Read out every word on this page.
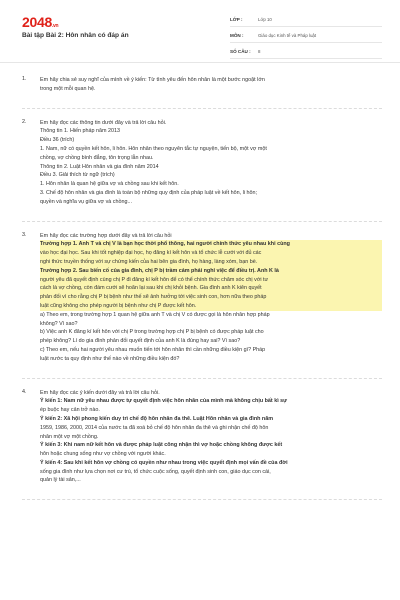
2048.vn
Bài tập Bài 2: Hôn nhân có đáp án
LỚP :	Lớp 10
MÔN :	Giáo dục Kinh tế và Pháp luật
SỐ CÂU :	8
1.	Em hãy chia sẻ suy nghĩ của mình về ý kiến: Từ tình yêu đến hôn nhân là một bước ngoặt lớn

trong một mỗi quan hệ.

2.	Em hãy đọc các thông tin dưới đây và trả lời câu hỏi.

Thông tin 1. Hiến pháp năm 2013

Điều 36 (trích)

1. Nam, nữ có quyền kết hôn, li hôn. Hôn nhân theo nguyên tắc tự nguyện, tiến bộ, một vợ một

chồng, vợ chồng bình đẳng, tôn trọng lẫn nhau.

Thông tin 2. Luật Hôn nhân và gia đình năm 2014

Điều 3. Giải thích từ ngữ (trích)

1. Hôn nhân là quan hệ giữa vợ và chồng sau khi kết hôn.

3. Chế độ hôn nhân và gia đình là toàn bộ những quy định của pháp luật về kết hôn, li hôn;

quyền và nghĩa vụ giữa vợ và chồng...

3.	Em hãy đọc các trường hợp dưới đây và trả lời câu hỏi

Trường hợp 1. Anh T và chị V là bạn học thời phổ thông, hai người chính thức yêu nhau khi cùng

vào học đại học. Sau khi tốt nghiệp đại học, họ đăng kí kết hôn và tổ chức lễ cưới với đủ các

nghi thức truyền thống với sự chứng kiến của hai bên gia đình, họ hàng, làng xóm, bạn bè.

Trường hợp 2. Sau biến cố của gia đình, chị P bị trầm cảm phải nghỉ việc để điều trị. Anh K là

người yêu đã quyết định cùng chị P đi đăng kí kết hôn để có thể chính thức chăm sóc chị với tư

cách là vợ chồng, còn đám cưới sẽ hoãn lại sau khi chị khỏi bệnh. Gia đình anh K kiên quyết

phản đối vì cho rằng chị P bị bệnh như thế sẽ ảnh hưởng tới việc sinh con, hơn nữa theo pháp

luật cũng không cho phép người bị bệnh như chị P được kết hôn.

a) Theo em, trong trường hợp 1 quan hệ giữa anh T và chị V có được gọi là hôn nhân hợp pháp

không? Vì sao?

b) Việc anh K đăng kí kết hôn với chị P trong trường hợp chị P bị bệnh có được pháp luật cho

phép không? Lí do gia đình phản đối quyết định của anh K là đúng hay sai? Vì sao?

c) Theo em, nếu hai người yêu nhau muốn tiến tới hôn nhân thì cần những điều kiện gì? Pháp

luật nước ta quy định như thế nào về những điều kiện đó?

4.	Em hãy đọc các ý kiến dưới đây và trả lời câu hỏi.

Ý kiến 1: Nam nữ yêu nhau được tự quyết định việc hôn nhân của mình mà không chịu bất kì sự

ép buộc hay cản trở nào.

Ý kiến 2: Xã hội phong kiến duy trì chế độ hôn nhân đa thê. Luật Hôn nhân và gia đình năm

1959, 1986, 2000, 2014 của nước ta đã xoá bỏ chế độ hôn nhân đa thê và ghi nhận chế độ hôn

nhân một vợ một chồng.

Ý kiến 3: Khi nam nữ kết hôn và được pháp luật công nhận thì vợ hoặc chồng không được kết

hôn hoặc chung sống như vợ chồng với người khác.

Ý kiến 4: Sau khi kết hôn vợ chồng có quyền như nhau trong việc quyết định mọi vấn đề của đời

sống gia đình như lựa chọn nơi cư trú, tổ chức cuộc sống, quyết định sinh con, giáo dục con cái,

quản lý tài sản,...
